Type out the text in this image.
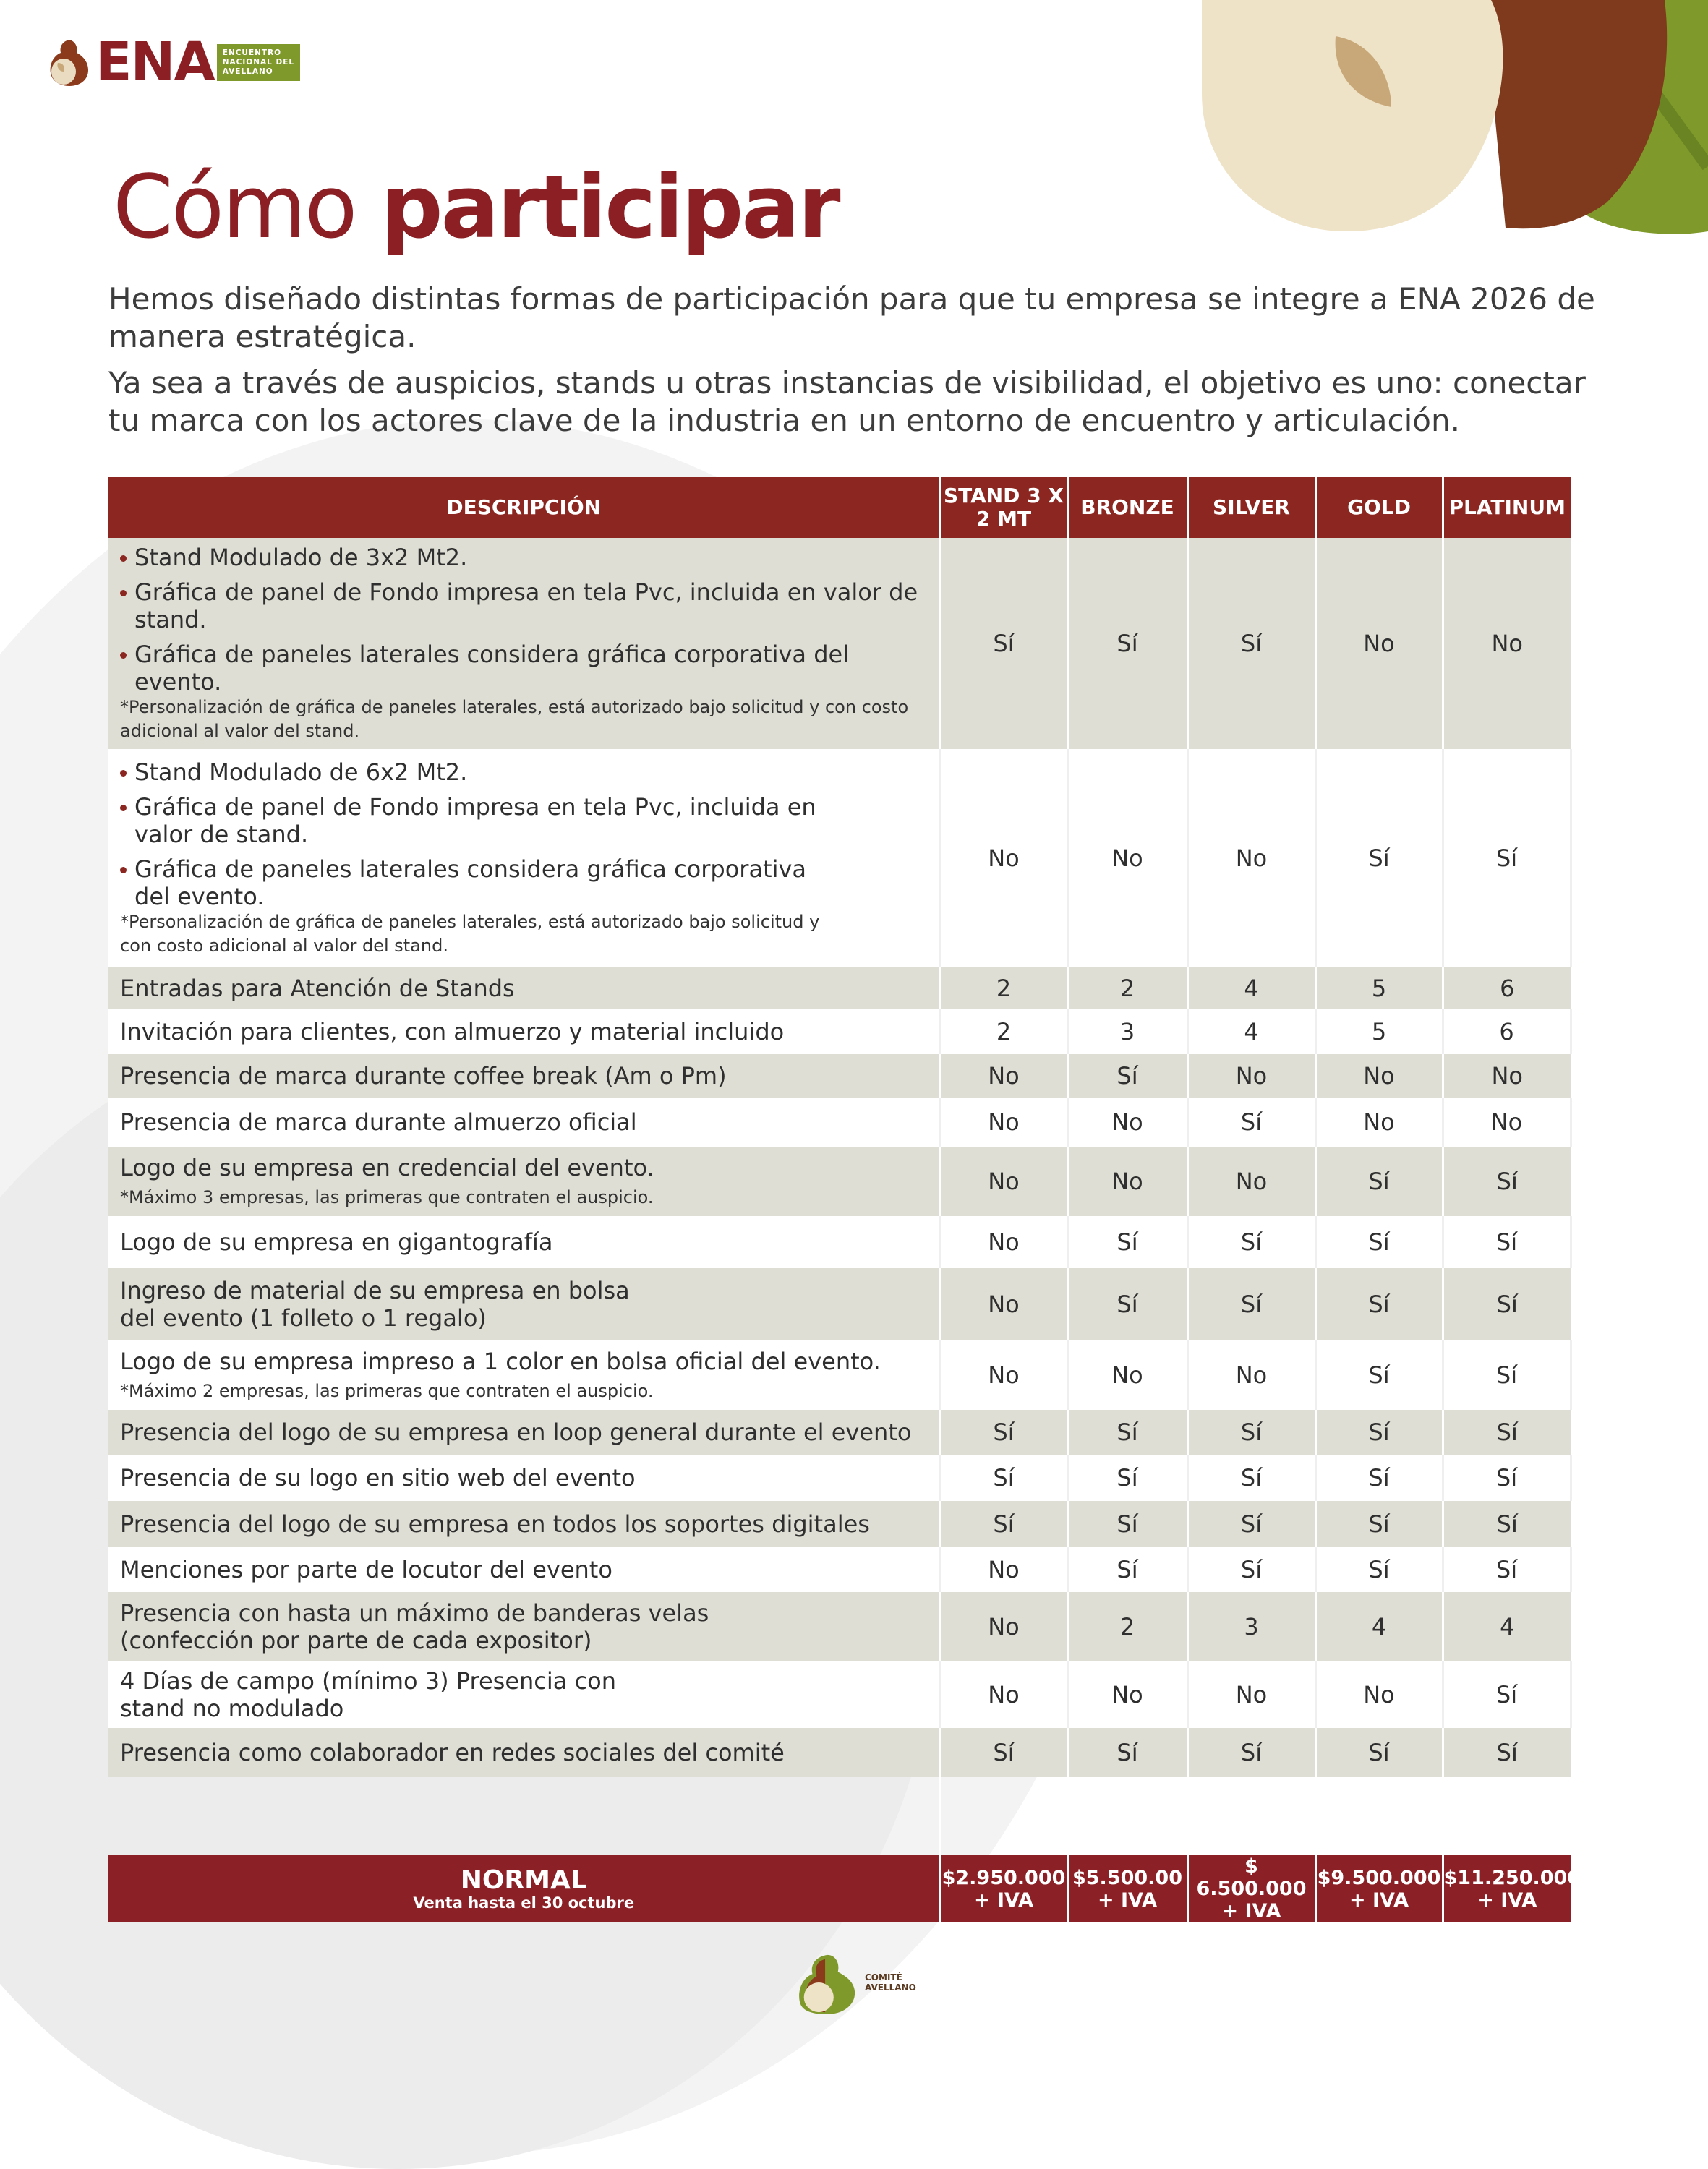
ENA ENCUENTRO
NACIONAL DEL
AVELLANO
Cómo participar

Hemos diseñado distintas formas de participación para que tu empresa se integre a ENA 2026 de manera estratégica.

Ya sea a través de auspicios, stands u otras instancias de visibilidad, el objetivo es uno: conectar tu marca con los actores clave de la industria en un entorno de encuentro y articulación.

DESCRIPCIÓN	STAND 3 X 2 MT	BRONZE	SILVER	GOLD	PLATINUM

Stand Modulado de 3x2 Mt2.
Gráfica de panel de Fondo impresa en tela Pvc, incluida en valor de stand.
Gráfica de paneles laterales considera gráfica corporativa del evento.
*Personalización de gráfica de paneles laterales, está autorizado bajo solicitud y con costo adicional al valor del stand.	Sí	Sí	Sí	No	No

Stand Modulado de 6x2 Mt2.
Gráfica de panel de Fondo impresa en tela Pvc, incluida en valor de stand.
Gráfica de paneles laterales considera gráfica corporativa del evento.
*Personalización de gráfica de paneles laterales, está autorizado bajo solicitud y con costo adicional al valor del stand.	No	No	No	Sí	Sí

Entradas para Atención de Stands	2	2	4	5	6

Invitación para clientes, con almuerzo y material incluido	2	3	4	5	6

Presencia de marca durante coffee break (Am o Pm)	No	Sí	No	No	No

Presencia de marca durante almuerzo oficial	No	No	Sí	No	No

Logo de su empresa en credencial del evento.
*Máximo 3 empresas, las primeras que contraten el auspicio.	No	No	No	Sí	Sí

Logo de su empresa en gigantografía	No	Sí	Sí	Sí	Sí

Ingreso de material de su empresa en bolsa del evento (1 folleto o 1 regalo)	No	Sí	Sí	Sí	Sí

Logo de su empresa impreso a 1 color en bolsa oficial del evento.
*Máximo 2 empresas, las primeras que contraten el auspicio.	No	No	No	Sí	Sí

Presencia del logo de su empresa en loop general durante el evento	Sí	Sí	Sí	Sí	Sí

Presencia de su logo en sitio web del evento	Sí	Sí	Sí	Sí	Sí

Presencia del logo de su empresa en todos los soportes digitales	Sí	Sí	Sí	Sí	Sí

Menciones por parte de locutor del evento	No	Sí	Sí	Sí	Sí

Presencia con hasta un máximo de banderas velas (confección por parte de cada expositor)	No	2	3	4	4

4 Días de campo (mínimo 3) Presencia con stand no modulado	No	No	No	No	Sí

Presencia como colaborador en redes sociales del comité	Sí	Sí	Sí	Sí	Sí

NORMAL
Venta hasta el 30 octubre	$2.950.000 + IVA	$5.500.00 + IVA	$ 6.500.000 + IVA	$9.500.000 + IVA	$11.250.000 + IVA
COMITÉ
AVELLANO
